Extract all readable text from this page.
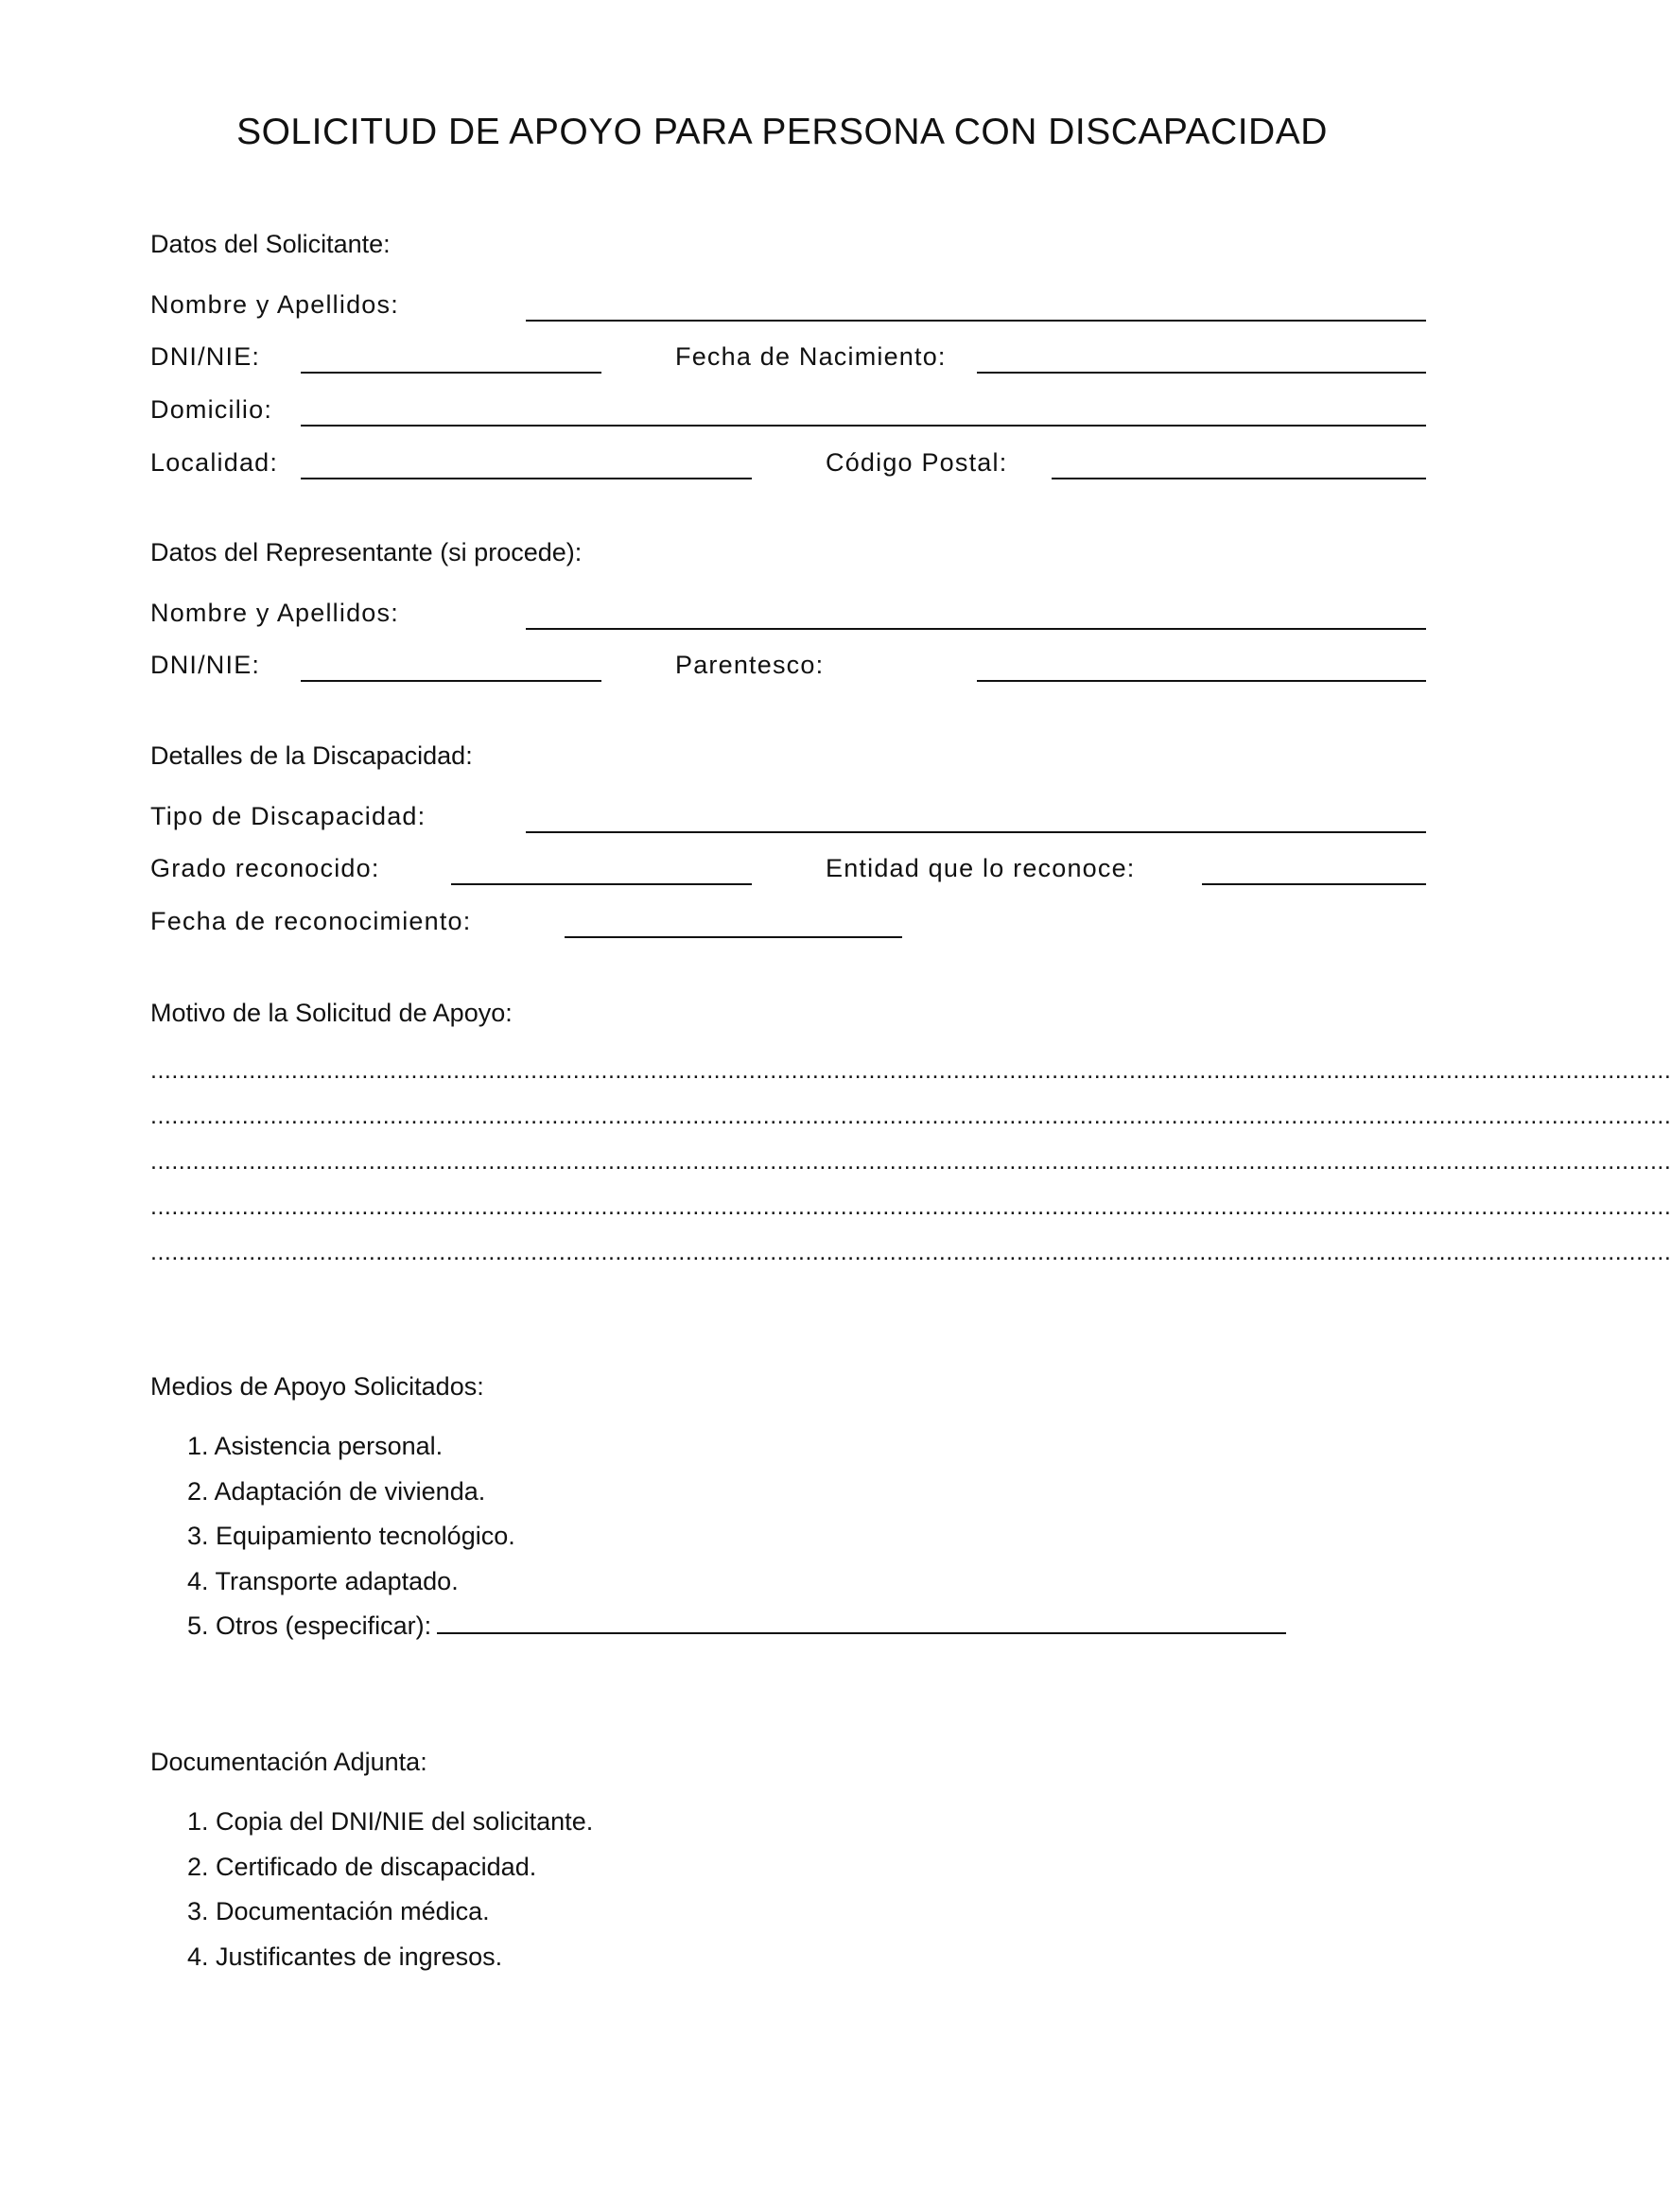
SOLICITUD DE APOYO PARA PERSONA CON DISCAPACIDAD
Datos del Solicitante:
Nombre y Apellidos:
DNI/NIE:	Fecha de Nacimiento:
Domicilio:
Localidad:	Código Postal:
Datos del Representante (si procede):
Nombre y Apellidos:
DNI/NIE:	Parentesco:
Detalles de la Discapacidad:
Tipo de Discapacidad:
Grado reconocido:	Entidad que lo reconoce:
Fecha de reconocimiento:
Motivo de la Solicitud de Apoyo:
........................................................................................................................................................................................................................
........................................................................................................................................................................................................................
........................................................................................................................................................................................................................
........................................................................................................................................................................................................................
........................................................................................................................................................................................................................
Medios de Apoyo Solicitados:
1. Asistencia personal.
2. Adaptación de vivienda.
3. Equipamiento tecnológico.
4. Transporte adaptado.
5. Otros (especificar):
Documentación Adjunta:
1. Copia del DNI/NIE del solicitante.
2. Certificado de discapacidad.
3. Documentación médica.
4. Justificantes de ingresos.
